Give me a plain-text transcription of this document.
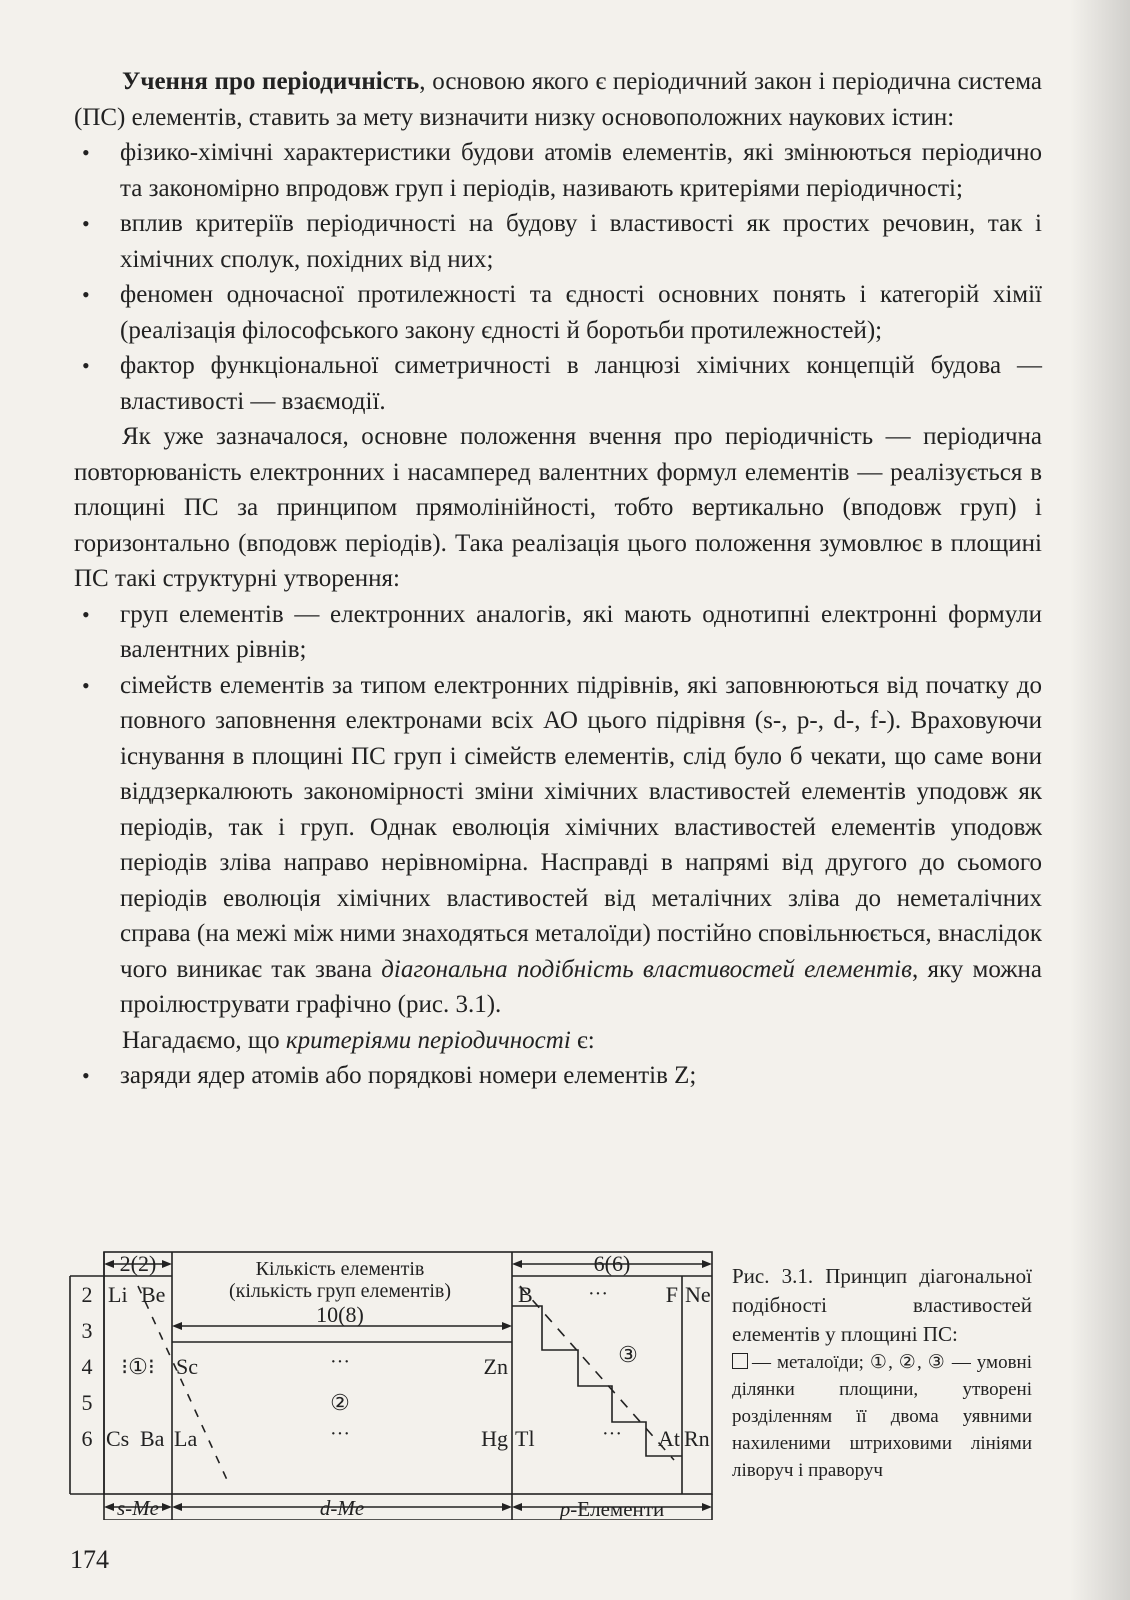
Учення про періодичність, основою якого є періодичний закон і періодична система (ПС) елементів, ставить за мету визначити низку основоположних наукових істин:

• фізико-хімічні характеристики будови атомів елементів, які змінюються періодично та закономірно впродовж груп і періодів, називають критеріями періодичності;
• вплив критеріїв періодичності на будову і властивості як простих речовин, так і хімічних сполук, похідних від них;
• феномен одночасної протилежності та єдності основних понять і категорій хімії (реалізація філософського закону єдності й боротьби протилежностей);
• фактор функціональної симетричності в ланцюзі хімічних концепцій будова — властивості — взаємодії.

Як уже зазначалося, основне положення вчення про періодичність — періодична повторюваність електронних і насамперед валентних формул елементів — реалізується в площині ПС за принципом прямолінійності, тобто вертикально (вподовж груп) і горизонтально (вподовж періодів). Така реалізація цього положення зумовлює в площині ПС такі структурні утворення:

• груп елементів — електронних аналогів, які мають однотипні електронні формули валентних рівнів;
• сімейств елементів за типом електронних підрівнів, які заповнюються від початку до повного заповнення електронами всіх АО цього підрівня (s-, p-, d-, f-). Враховуючи існування в площині ПС груп і сімейств елементів, слід було б чекати, що саме вони віддзеркалюють закономірності зміни хімічних властивостей елементів уподовж як періодів, так і груп. Однак еволюція хімічних властивостей елементів уподовж періодів зліва направо нерівномірна. Насправді в напрямі від другого до сьомого періодів еволюція хімічних властивостей від металічних зліва до неметалічних справа (на межі між ними знаходяться металоїди) постійно сповільнюється, внаслідок чого виникає так звана діагональна подібність властивостей елементів, яку можна проілюструвати графічно (рис. 3.1).

Нагадаємо, що критеріями періодичності є:

• заряди ядер атомів або порядкові номери елементів Z;
2(2)	Кількість елементів
(кількість груп елементів)
6(6)
10(8)
2
3
4
5
6
Li Be
⁝①⁝
Cs Ba
Sc
La
···
②
···
Zn
Hg
B	···	F Ne
③
Tl	··· At Rn
s-Me	d-Me	p-Елементи
Рис. 3.1. Принцип діагональної подібності властивостей елементів у площині ПС:
— металоїди; ①, ②, ③ — умовні ділянки площини, утворені розділенням її двома уявними нахиленими штриховими лініями ліворуч і праворуч
174
